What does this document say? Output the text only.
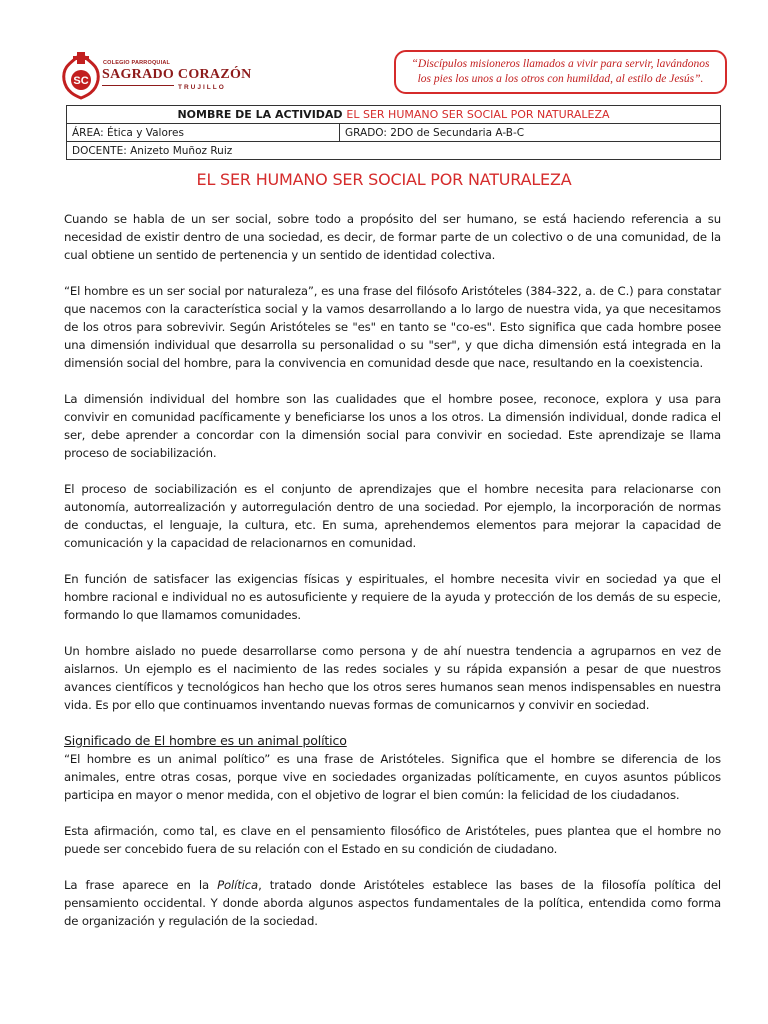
SC
COLEGIO PARROQUIAL
SAGRADO CORAZÓN
TRUJILLO
“Discípulos misioneros llamados a vivir para servir, lavándonos
los pies los unos a los otros con humildad, al estilo de Jesús”.
NOMBRE DE LA ACTIVIDAD EL SER HUMANO SER SOCIAL POR NATURALEZA
ÁREA: Ética y Valores	GRADO: 2DO de Secundaria A-B-C
DOCENTE: Anizeto Muñoz Ruiz
EL SER HUMANO SER SOCIAL POR NATURALEZA

Cuando se habla de un ser social, sobre todo a propósito del ser humano, se está haciendo referencia a su necesidad de existir dentro de una sociedad, es decir, de formar parte de un colectivo o de una comunidad, de la cual obtiene un sentido de pertenencia y un sentido de identidad colectiva.

“El hombre es un ser social por naturaleza”, es una frase del filósofo Aristóteles (384-322, a. de C.) para constatar que nacemos con la característica social y la vamos desarrollando a lo largo de nuestra vida, ya que necesitamos de los otros para sobrevivir. Según Aristóteles se "es" en tanto se "co-es". Esto significa que cada hombre posee una dimensión individual que desarrolla su personalidad o su "ser", y que dicha dimensión está integrada en la dimensión social del hombre, para la convivencia en comunidad desde que nace, resultando en la coexistencia.

La dimensión individual del hombre son las cualidades que el hombre posee, reconoce, explora y usa para convivir en comunidad pacíficamente y beneficiarse los unos a los otros. La dimensión individual, donde radica el ser, debe aprender a concordar con la dimensión social para convivir en sociedad. Este aprendizaje se llama proceso de sociabilización.

El proceso de sociabilización es el conjunto de aprendizajes que el hombre necesita para relacionarse con autonomía, autorrealización y autorregulación dentro de una sociedad. Por ejemplo, la incorporación de normas de conductas, el lenguaje, la cultura, etc. En suma, aprehendemos elementos para mejorar la capacidad de comunicación y la capacidad de relacionarnos en comunidad.

En función de satisfacer las exigencias físicas y espirituales, el hombre necesita vivir en sociedad ya que el hombre racional e individual no es autosuficiente y requiere de la ayuda y protección de los demás de su especie, formando lo que llamamos comunidades.

Un hombre aislado no puede desarrollarse como persona y de ahí nuestra tendencia a agruparnos en vez de aislarnos. Un ejemplo es el nacimiento de las redes sociales y su rápida expansión a pesar de que nuestros avances científicos y tecnológicos han hecho que los otros seres humanos sean menos indispensables en nuestra vida. Es por ello que continuamos inventando nuevas formas de comunicarnos y convivir en sociedad.

Significado de El hombre es un animal político

“El hombre es un animal político” es una frase de Aristóteles. Significa que el hombre se diferencia de los animales, entre otras cosas, porque vive en sociedades organizadas políticamente, en cuyos asuntos públicos participa en mayor o menor medida, con el objetivo de lograr el bien común: la felicidad de los ciudadanos.

Esta afirmación, como tal, es clave en el pensamiento filosófico de Aristóteles, pues plantea que el hombre no puede ser concebido fuera de su relación con el Estado en su condición de ciudadano.

La frase aparece en la Política, tratado donde Aristóteles establece las bases de la filosofía política del pensamiento occidental. Y donde aborda algunos aspectos fundamentales de la política, entendida como forma de organización y regulación de la sociedad.
